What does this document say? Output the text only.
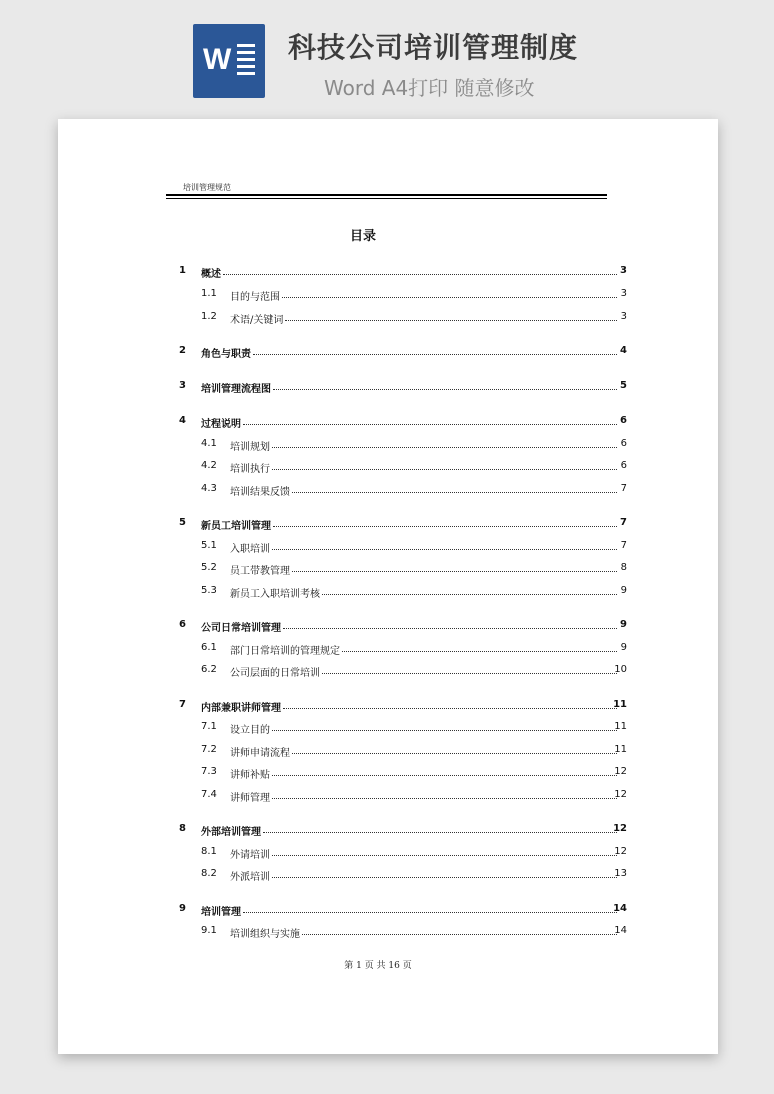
W 科技公司培训管理制度
Word A4打印 随意修改
培训管理规范
目录
1 概述	3
1.1 目的与范围	3
1.2 术语/关键词	3
2 角色与职责	4
3 培训管理流程图	5
4 过程说明	6
4.1 培训规划	6
4.2 培训执行	6
4.3 培训结果反馈	7
5 新员工培训管理	7
5.1 入职培训	7
5.2 员工带教管理	8
5.3 新员工入职培训考核	9
6 公司日常培训管理	9
6.1 部门日常培训的管理规定	9
6.2 公司层面的日常培训	10
7 内部兼职讲师管理	11
7.1 设立目的	11
7.2 讲师申请流程	11
7.3 讲师补贴	12
7.4 讲师管理	12
8 外部培训管理	12
8.1 外请培训	12
8.2 外派培训	13
9 培训管理	14
9.1 培训组织与实施	14
第 1 页 共 16 页
